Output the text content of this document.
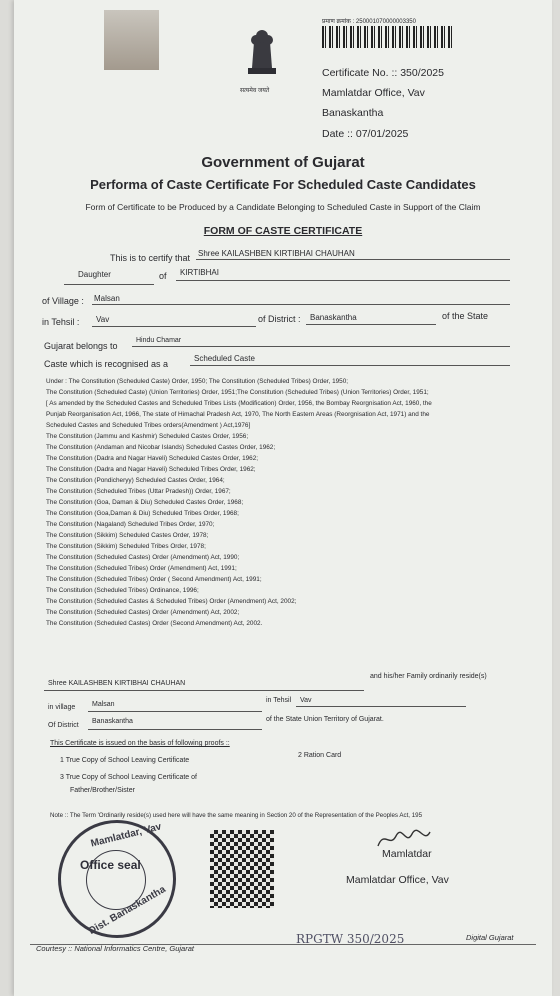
सत्यमेव जयते
प्रमाण क्रमांक : 250001070000003350
Certificate No. :: 350/2025
Mamlatdar Office, Vav
Banaskantha
Date :: 07/01/2025
Government of Gujarat
Performa of Caste Certificate For Scheduled Caste Candidates
Form of Certificate to be Produced by a Candidate Belonging to Scheduled Caste in Support of the Claim
FORM OF CASTE CERTIFICATE
This is to certify that Shree KAILASHBEN KIRTIBHAI CHAUHAN
Daughter	of KIRTIBHAI
of Village : Malsan
in Tehsil : Vav	of District : Banaskantha	of the State
Gujarat belongs to
Hindu Chamar
Caste which is recognised as a
Scheduled Caste
Under : The Constitution (Scheduled Caste) Order, 1950; The Constitution (Scheduled Tribes) Order, 1950;
The Constitution (Scheduled Caste) (Union Territories) Order, 1951;The Constitution (Scheduled Tribes) (Union Territories) Order, 1951;
[ As amended by the Scheduled Castes and Scheduled Tribes Lists (Modification) Order, 1956, the Bombay Reorgnisation Act, 1960, the
Punjab Reorganisation Act, 1966, The state of Himachal Pradesh Act, 1970, The North Eastern Areas (Reorgnisation Act, 1971) and the
Scheduled Castes and Scheduled Tribes orders(Amendment ) Act,1976]
The Constitution (Jammu and Kashmir) Scheduled Castes Order, 1956;
The Constitution (Andaman and Nicobar Islands) Scheduled Castes Order, 1962;
The Constitution (Dadra and Nagar Haveli) Scheduled Castes Order, 1962;
The Constitution (Dadra and Nagar Haveli) Scheduled Tribes Order, 1962;
The Constitution (Pondicheryy) Scheduled Castes Order, 1964;
The Constitution (Scheduled Tribes (Uttar Pradesh)) Order, 1967;
The Constitution (Goa, Daman & Diu) Scheduled Castes Order, 1968;
The Constitution (Goa,Daman & Diu) Scheduled Tribes Order, 1968;
The Constitution (Nagaland) Scheduled Tribes Order, 1970;
The Constitution (Sikkim) Scheduled Castes Order, 1978;
The Constitution (Sikkim) Scheduled Tribes Order, 1978;
The Constitution (Scheduled Castes) Order (Amendment) Act, 1990;
The Constitution (Scheduled Tribes) Order (Amendment) Act, 1991;
The Constitution (Scheduled Tribes) Order ( Second Amendment) Act, 1991;
The Constitution (Scheduled Tribes) Ordinance, 1996;
The Constitution (Scheduled Castes & Scheduled Tribes) Order (Amendment) Act, 2002;
The Constitution (Scheduled Castes) Order (Amendment) Act, 2002;
The Constitution (Scheduled Castes) Order (Second Amendment) Act, 2002.
Shree KAILASHBEN KIRTIBHAI CHAUHAN
and his/her Family ordinarily reside(s)
in village Malsan
in Tehsil Vav
Of District
Banaskantha	of the State Union Territory of Gujarat.
This Certificate is issued on the basis of following proofs ::
1 True Copy of School Leaving Certificate
2 Ration Card
3 True Copy of School Leaving Certificate of
Father/Brother/Sister
Note :: The Term 'Ordinarily reside(s) used here will have the same meaning in Section 20 of the Representation of the Peoples Act, 195
Mamlatdar, Vav
Office seal
Dist. Banaskantha
Mamlatdar
Mamlatdar Office, Vav
Courtesy :: National Informatics Centre, Gujarat
RPGTW 350/2025	Digital Gujarat
